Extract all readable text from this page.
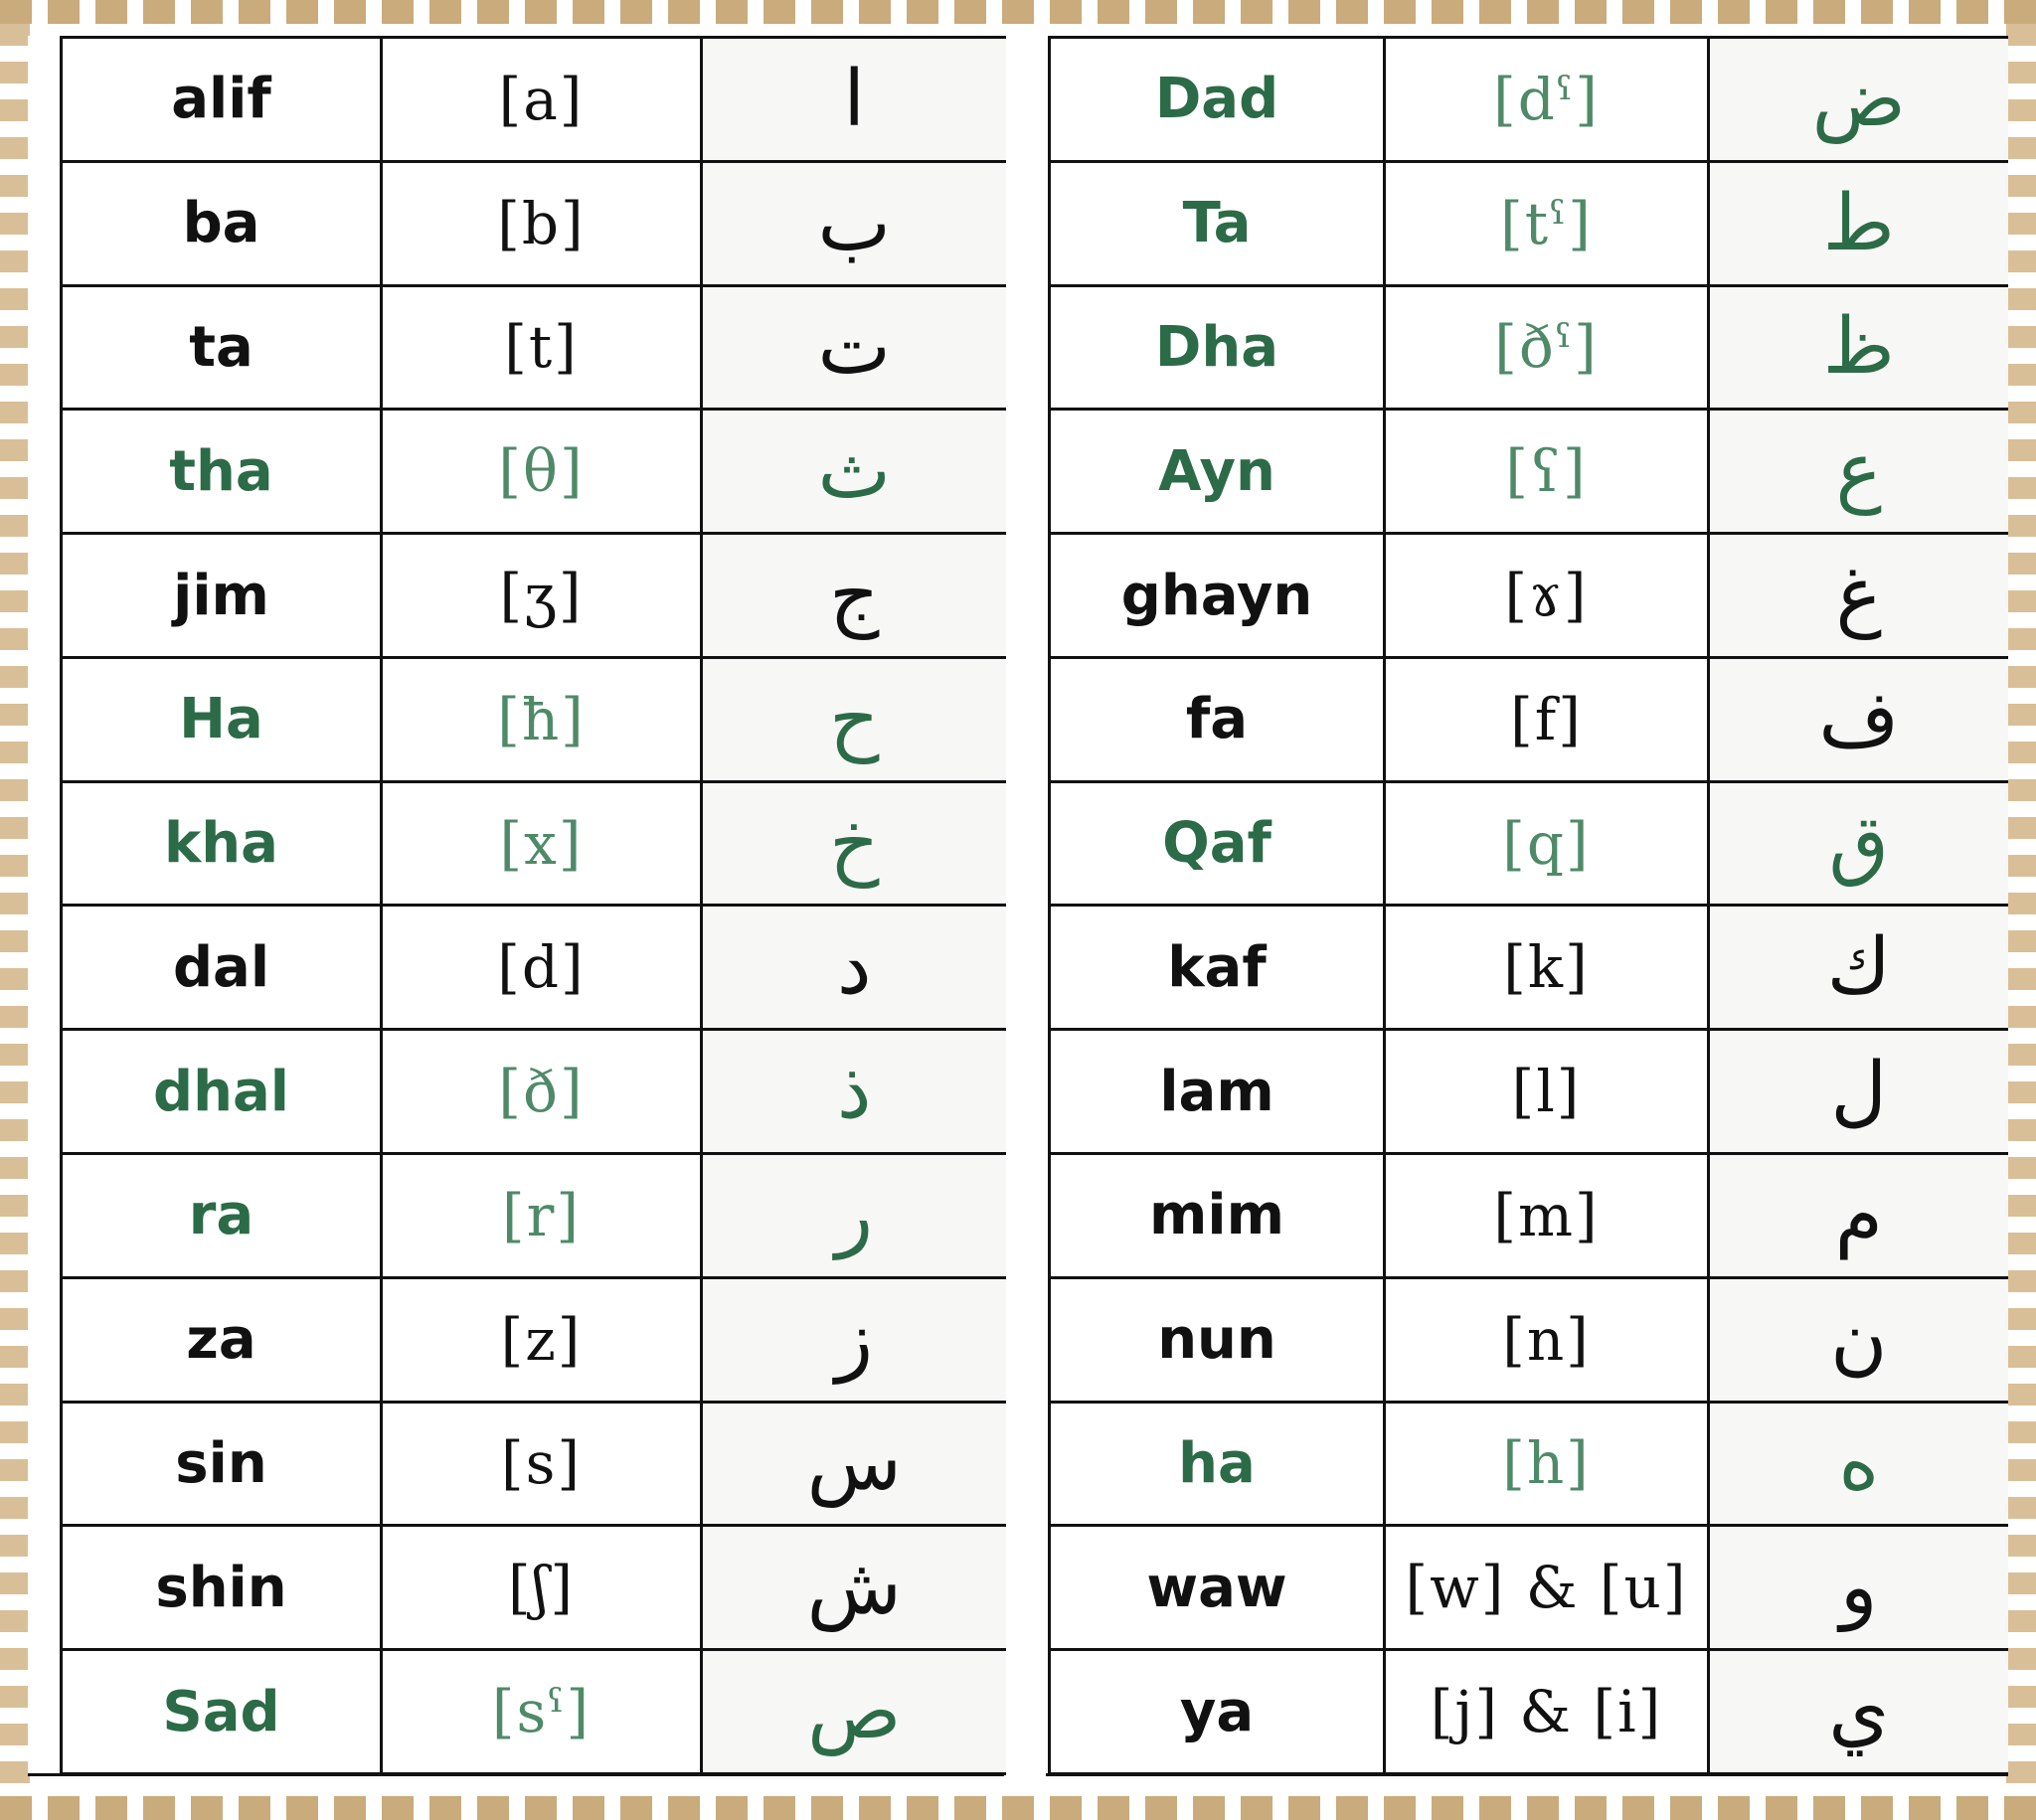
alif	[a]	ا
ba	[b]	ب
ta	[t]	ت
tha	[θ]	ث
jim	[ʒ]	ج
Ha	[ħ]	ح
kha	[x]	خ
dal	[d]	د
dhal	[ð]	ذ
ra	[r]	ر
za	[z]	ز
sin	[s]	س
shin	[ʃ]	ش
Sad	[sˤ]	ص
Dad	[dˤ]	ض
Ta	[tˤ]	ط
Dha	[ðˤ]	ظ
Ayn	[ʕ]	ع
ghayn	[ɤ]	غ
fa	[f]	ف
Qaf	[q]	ق
kaf	[k]	ك
lam	[l]	ل
mim	[m]	م
nun	[n]	ن
ha	[h]	ه
waw	[w] & [u]	و
ya	[j] & [i]	ي
